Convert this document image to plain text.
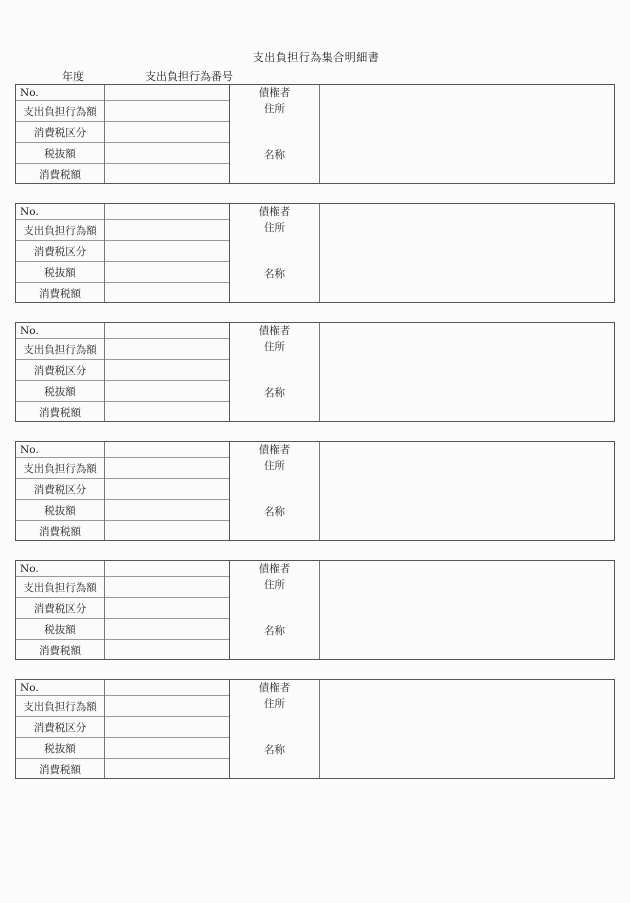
支出負担行為集合明細書
年度	支出負担行為番号
No.
支出負担行為額
消費税区分
税抜額
消費税額
債権者
住所
名称
No.
支出負担行為額
消費税区分
税抜額
消費税額
債権者
住所
名称
No.
支出負担行為額
消費税区分
税抜額
消費税額
債権者
住所
名称
No.
支出負担行為額
消費税区分
税抜額
消費税額
債権者
住所
名称
No.
支出負担行為額
消費税区分
税抜額
消費税額
債権者
住所
名称
No.
支出負担行為額
消費税区分
税抜額
消費税額
債権者
住所
名称
